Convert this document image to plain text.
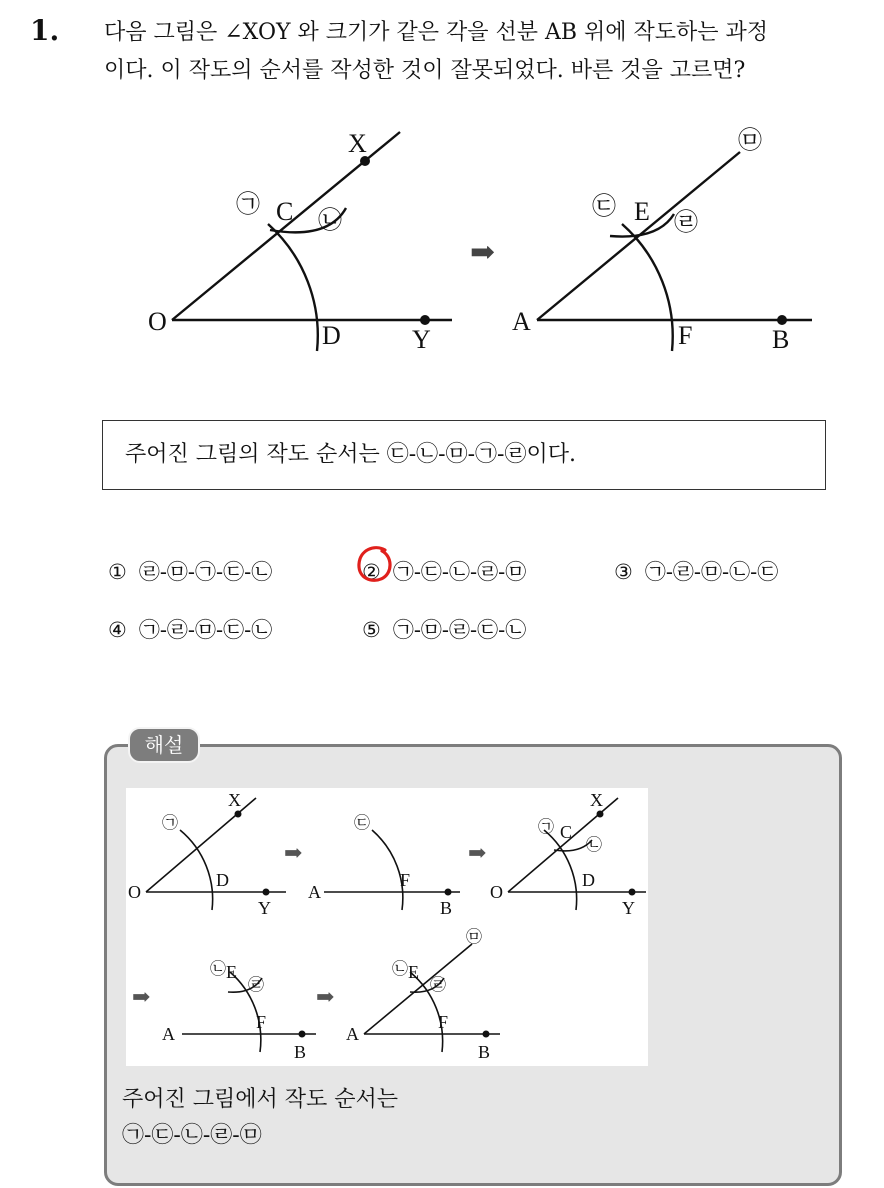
1. 다음 그림은 ∠XOY 와 크기가 같은 각을 선분 AB 위에 작도하는 과정
이다. 이 작도의 순서를 작성한 것이 잘못되었다. 바른 것을 고르면?
X
C
O	D	Y
A
E
F	B
㉠
㉡
㉢
㉣
㉤
➡
주어진 그림의 작도 순서는 ㉢-㉡-㉤-㉠-㉣이다.
① ㉣-㉤-㉠-㉢-㉡	② ㉠-㉢-㉡-㉣-㉤	③ ㉠-㉣-㉤-㉡-㉢
④ ㉠-㉣-㉤-㉢-㉡	⑤ ㉠-㉤-㉣-㉢-㉡
해설
X
O
D
Y
A
F
B
X
C
O
D
Y
E
A
F
B
E
A
F
B
㉠	㉢	㉠
㉡
㉡
㉣
㉡
㉣
㉤
➡	➡
➡	➡
주어진 그림에서 작도 순서는
㉠-㉢-㉡-㉣-㉤
